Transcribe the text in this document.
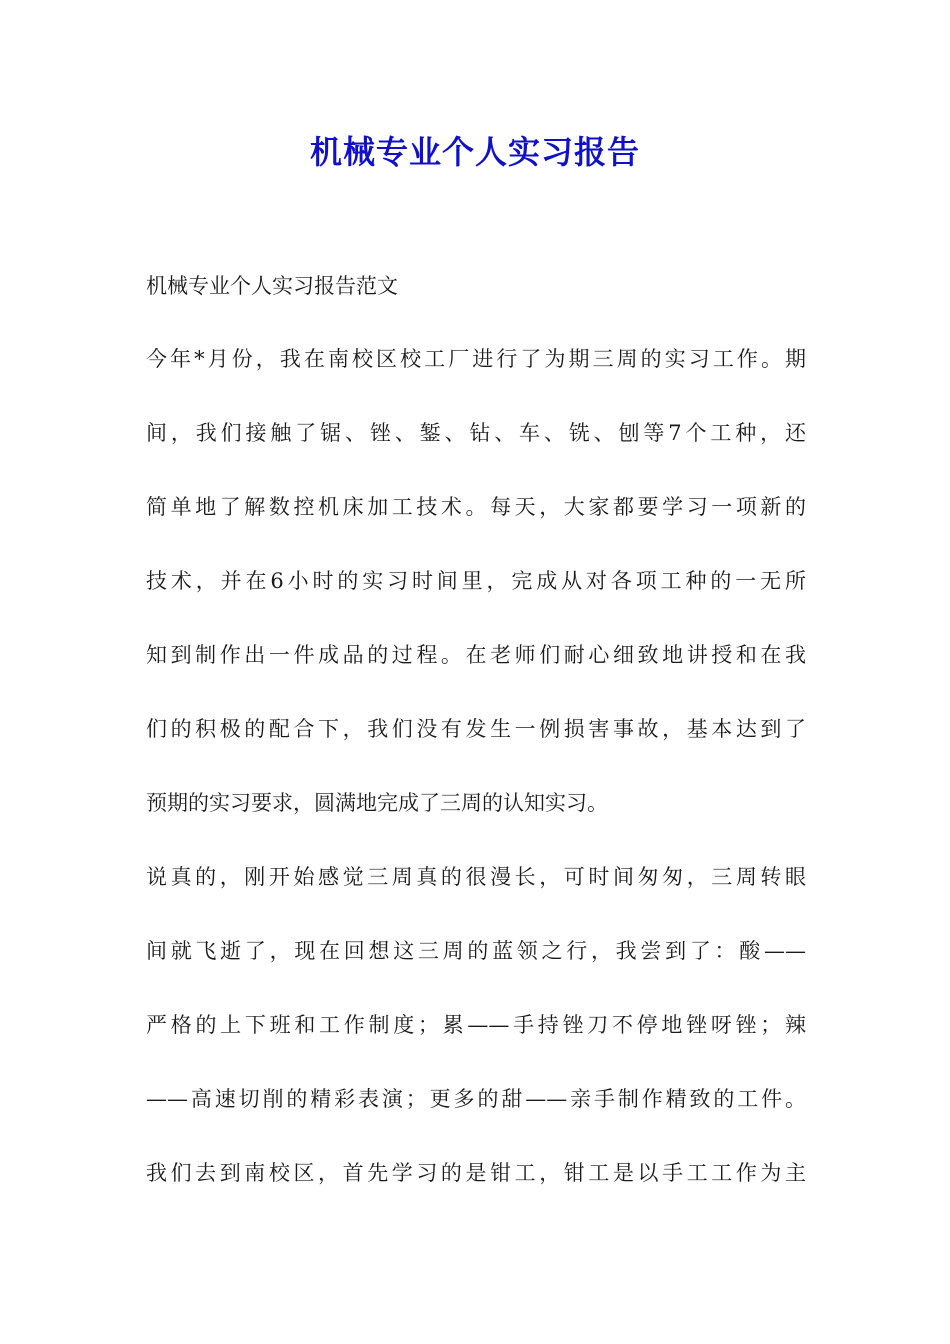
机械专业个人实习报告
机械专业个人实习报告范文
今年*月份，我在南校区校工厂进行了为期三周的实习工作。期
间，我们接触了锯、锉、錾、钻、车、铣、刨等7个工种，还
简单地了解数控机床加工技术。每天，大家都要学习一项新的
技术，并在6小时的实习时间里，完成从对各项工种的一无所
知到制作出一件成品的过程。在老师们耐心细致地讲授和在我
们的积极的配合下，我们没有发生一例损害事故，基本达到了
预期的实习要求，圆满地完成了三周的认知实习。
说真的，刚开始感觉三周真的很漫长，可时间匆匆，三周转眼
间就飞逝了，现在回想这三周的蓝领之行，我尝到了：酸——
严格的上下班和工作制度；累——手持锉刀不停地锉呀锉；辣
——高速切削的精彩表演；更多的甜——亲手制作精致的工件。
我们去到南校区，首先学习的是钳工，钳工是以手工工作为主
